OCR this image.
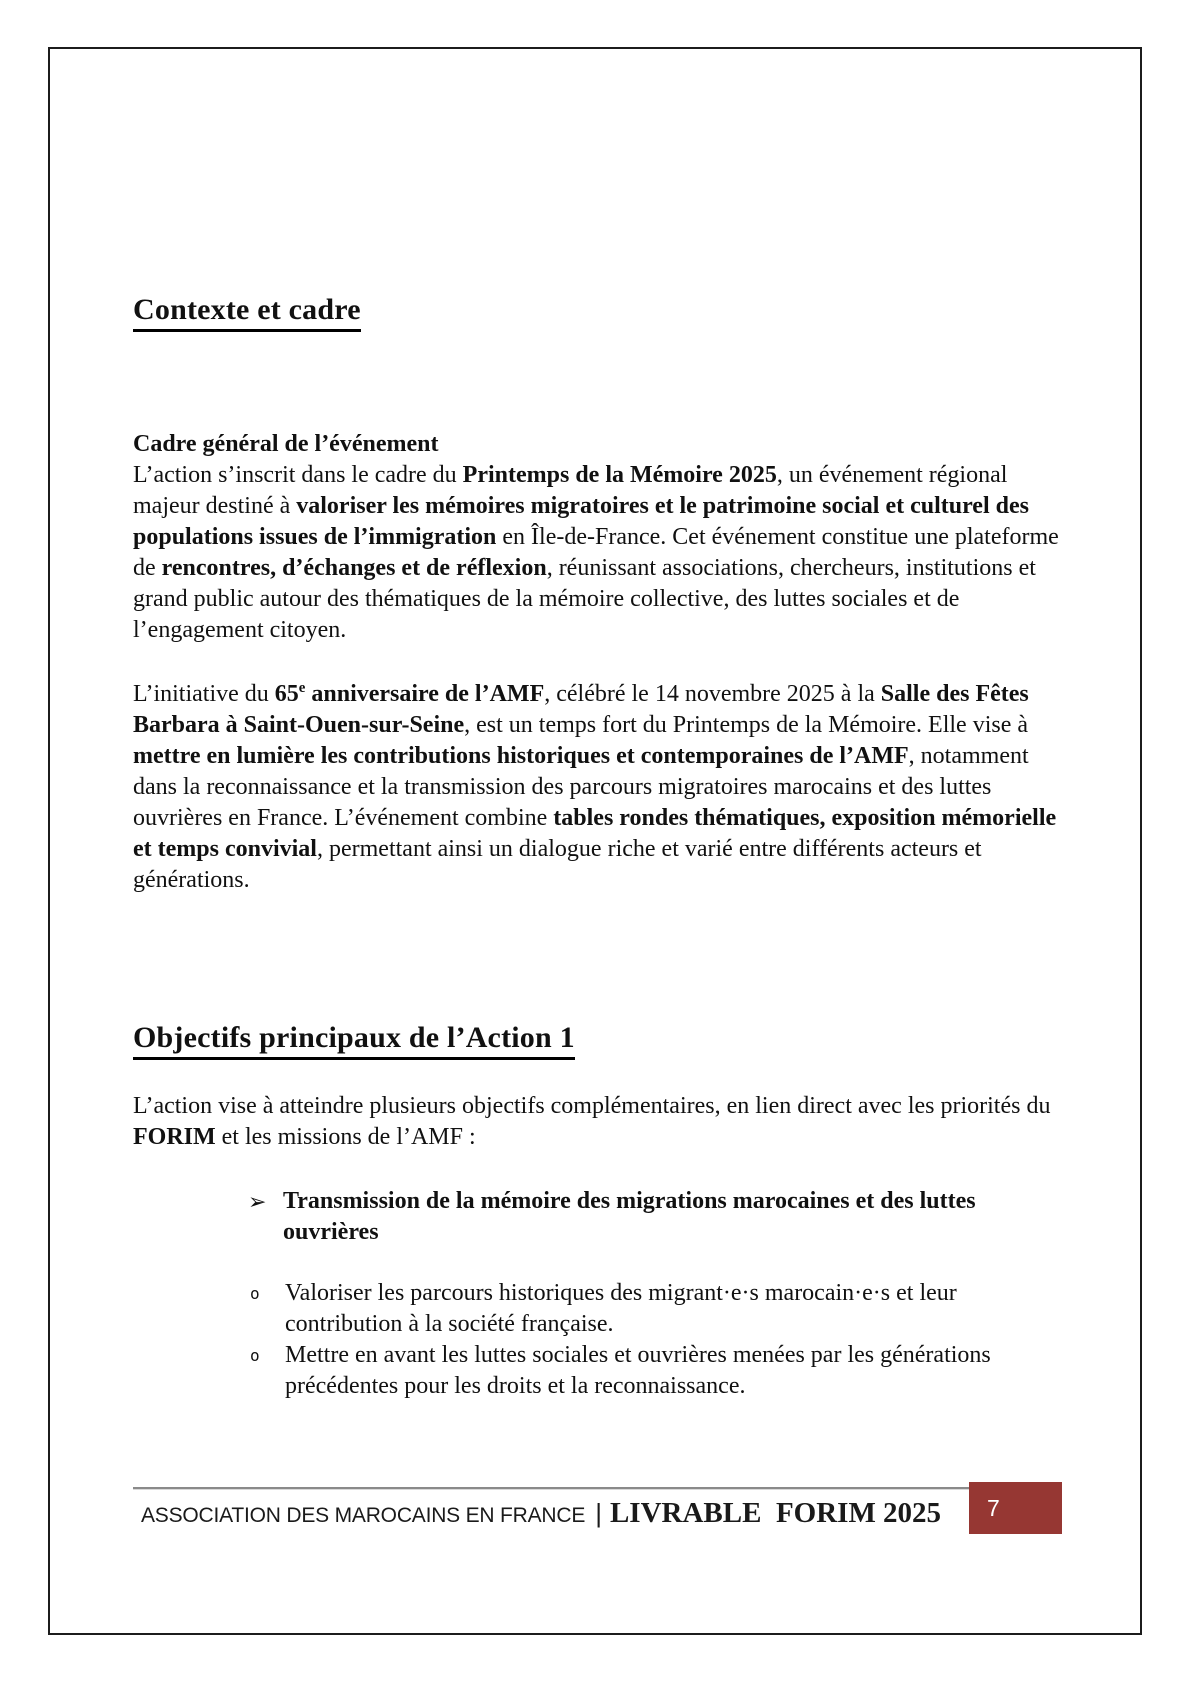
Contexte et cadre
Cadre général de l’événement
L’action s’inscrit dans le cadre du Printemps de la Mémoire 2025, un événement régional majeur destiné à valoriser les mémoires migratoires et le patrimoine social et culturel des populations issues de l’immigration en Île-de-France. Cet événement constitue une plateforme de rencontres, d’échanges et de réflexion, réunissant associations, chercheurs, institutions et grand public autour des thématiques de la mémoire collective, des luttes sociales et de l’engagement citoyen.
L’initiative du 65e anniversaire de l’AMF, célébré le 14 novembre 2025 à la Salle des Fêtes Barbara à Saint-Ouen-sur-Seine, est un temps fort du Printemps de la Mémoire. Elle vise à mettre en lumière les contributions historiques et contemporaines de l’AMF, notamment dans la reconnaissance et la transmission des parcours migratoires marocains et des luttes ouvrières en France. L’événement combine tables rondes thématiques, exposition mémorielle et temps convivial, permettant ainsi un dialogue riche et varié entre différents acteurs et générations.
Objectifs principaux de l’Action 1
L’action vise à atteindre plusieurs objectifs complémentaires, en lien direct avec les priorités du FORIM et les missions de l’AMF :
➢ Transmission de la mémoire des migrations marocaines et des luttes ouvrières
o	Valoriser les parcours historiques des migrant·e·s marocain·e·s et leur contribution à la société française.
o	Mettre en avant les luttes sociales et ouvrières menées par les générations précédentes pour les droits et la reconnaissance.
ASSOCIATION DES MAROCAINS EN FRANCE | LIVRABLE  FORIM 2025 7
